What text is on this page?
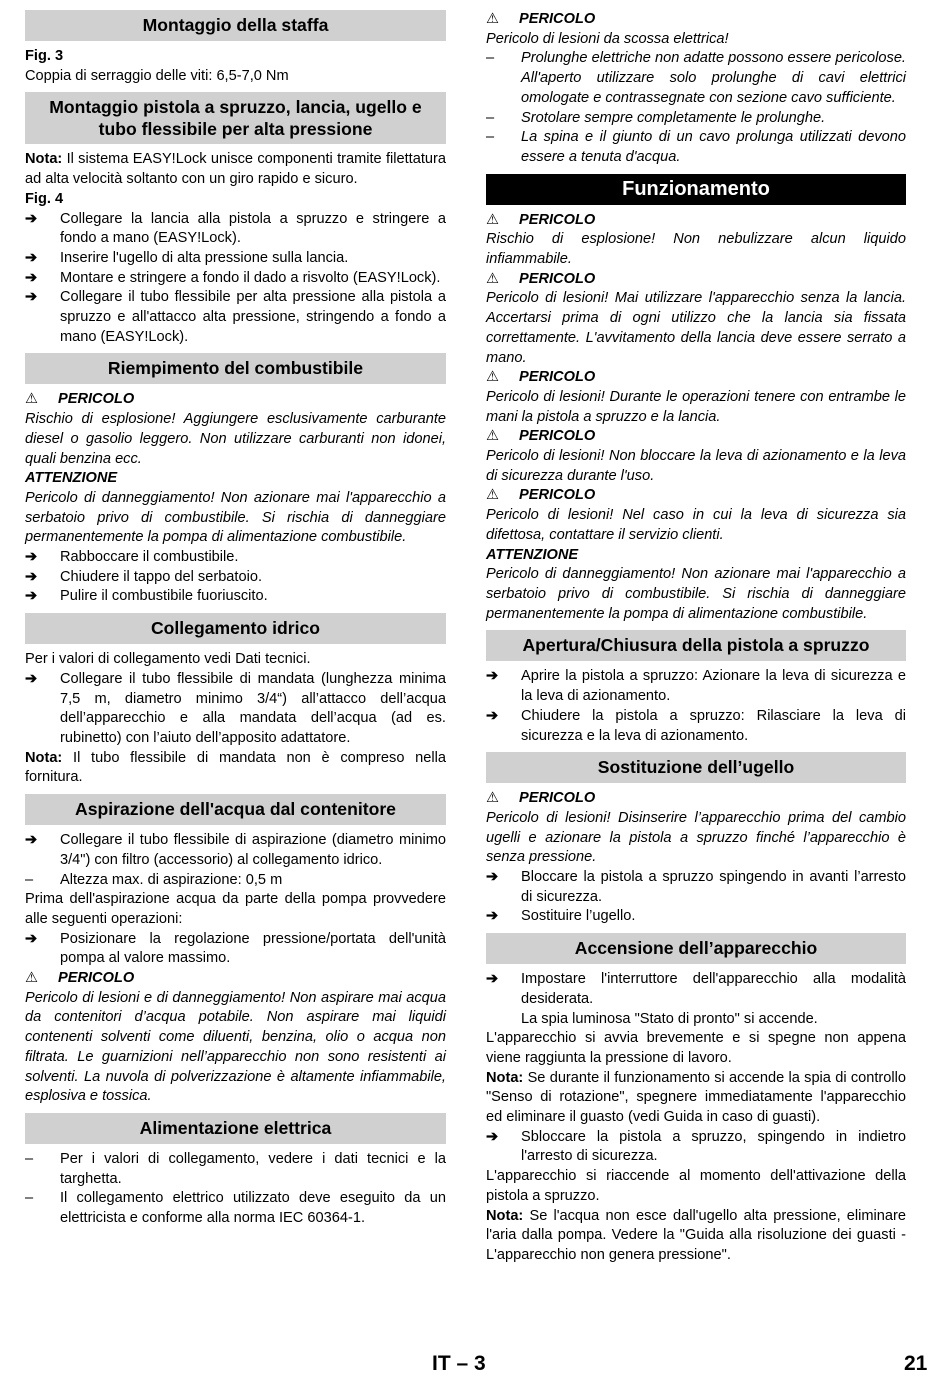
Montaggio della staffa

Fig. 3

Coppia di serraggio delle viti: 6,5-7,0 Nm

Montaggio pistola a spruzzo, lancia, ugello e tubo flessibile per alta pressione

Nota: Il sistema EASY!Lock unisce componenti tramite filettatura ad alta velocità soltanto con un giro rapido e sicuro.

Fig. 4

➔ Collegare la lancia alla pistola a spruzzo e stringere a fondo a mano (EASY!Lock).
➔ Inserire l'ugello di alta pressione sulla lancia.
➔ Montare e stringere a fondo il dado a risvolto (EASY!Lock).
➔ Collegare il tubo flessibile per alta pressione alla pistola a spruzzo e all'attacco alta pressione, stringendo a fondo a mano (EASY!Lock).
Riempimento del combustibile

⚠ PERICOLO

Rischio di esplosione! Aggiungere esclusivamente carburante diesel o gasolio leggero. Non utilizzare carburanti non idonei, quali benzina ecc.

ATTENZIONE

Pericolo di danneggiamento! Non azionare mai l'apparecchio a serbatoio privo di combustibile. Si rischia di danneggiare permanentemente la pompa di alimentazione combustibile.

➔ Rabboccare il combustibile.
➔ Chiudere il tappo del serbatoio.
➔ Pulire il combustibile fuoriuscito.
Collegamento idrico

Per i valori di collegamento vedi Dati tecnici.

➔ Collegare il tubo flessibile di mandata (lunghezza minima 7,5 m, diametro minimo 3/4“) all’attacco dell’acqua dell’apparecchio e alla mandata dell’acqua (ad es. rubinetto) con l’aiuto dell’apposito adattatore.

Nota: Il tubo flessibile di mandata non è compreso nella fornitura.

Aspirazione dell'acqua dal contenitore
➔ Collegare il tubo flessibile di aspirazione (diametro minimo 3/4") con filtro (accessorio) al collegamento idrico.
– Altezza max. di aspirazione: 0,5 m

Prima dell'aspirazione acqua da parte della pompa provvedere alle seguenti operazioni:

➔ Posizionare la regolazione pressione/portata dell'unità pompa al valore massimo.

⚠ PERICOLO

Pericolo di lesioni e di danneggiamento! Non aspirare mai acqua da contenitori d’acqua potabile. Non aspirare mai liquidi contenenti solventi come diluenti, benzina, olio o acqua non filtrata. Le guarnizioni nell’apparecchio non sono resistenti ai solventi. La nuvola di polverizzazione è altamente infiammabile, esplosiva e tossica.

Alimentazione elettrica
– Per i valori di collegamento, vedere i dati tecnici e la targhetta.
– Il collegamento elettrico utilizzato deve eseguito da un elettricista e conforme alla norma IEC 60364-1.

⚠ PERICOLO

Pericolo di lesioni da scossa elettrica!

– Prolunghe elettriche non adatte possono essere pericolose. All'aperto utilizzare solo prolunghe di cavi elettrici omologate e contrassegnate con sezione cavo sufficiente.
– Srotolare sempre completamente le prolunghe.
– La spina e il giunto di un cavo prolunga utilizzati devono essere a tenuta d'acqua.
Funzionamento

⚠ PERICOLO

Rischio di esplosione! Non nebulizzare alcun liquido infiammabile.

⚠ PERICOLO

Pericolo di lesioni! Mai utilizzare l'apparecchio senza la lancia. Accertarsi prima di ogni utilizzo che la lancia sia fissata correttamente. L'avvitamento della lancia deve essere serrato a mano.

⚠ PERICOLO

Pericolo di lesioni! Durante le operazioni tenere con entrambe le mani la pistola a spruzzo e la lancia.

⚠ PERICOLO

Pericolo di lesioni! Non bloccare la leva di azionamento e la leva di sicurezza durante l'uso.

⚠ PERICOLO

Pericolo di lesioni! Nel caso in cui la leva di sicurezza sia difettosa, contattare il servizio clienti.

ATTENZIONE

Pericolo di danneggiamento! Non azionare mai l'apparecchio a serbatoio privo di combustibile. Si rischia di danneggiare permanentemente la pompa di alimentazione combustibile.

Apertura/Chiusura della pistola a spruzzo
➔ Aprire la pistola a spruzzo: Azionare la leva di sicurezza e la leva di azionamento.
➔ Chiudere la pistola a spruzzo: Rilasciare la leva di sicurezza e la leva di azionamento.
Sostituzione dell’ugello

⚠ PERICOLO

Pericolo di lesioni! Disinserire l’apparecchio prima del cambio ugelli e azionare la pistola a spruzzo finché l’apparecchio è senza pressione.

➔ Bloccare la pistola a spruzzo spingendo in avanti l’arresto di sicurezza.
➔ Sostituire l’ugello.
Accensione dell’apparecchio
➔ Impostare l'interruttore dell'apparecchio alla modalità desiderata.

La spia luminosa "Stato di pronto" si accende.

L'apparecchio si avvia brevemente e si spegne non appena viene raggiunta la pressione di lavoro.

Nota: Se durante il funzionamento si accende la spia di controllo "Senso di rotazione", spegnere immediatamente l'apparecchio ed eliminare il guasto (vedi Guida in caso di guasti).

➔ Sbloccare la pistola a spruzzo, spingendo in indietro l'arresto di sicurezza.

L'apparecchio si riaccende al momento dell'attivazione della pistola a spruzzo.

Nota: Se l'acqua non esce dall'ugello alta pressione, eliminare l'aria dalla pompa. Vedere la "Guida alla risoluzione dei guasti - L'apparecchio non genera pressione".

IT – 3	21
